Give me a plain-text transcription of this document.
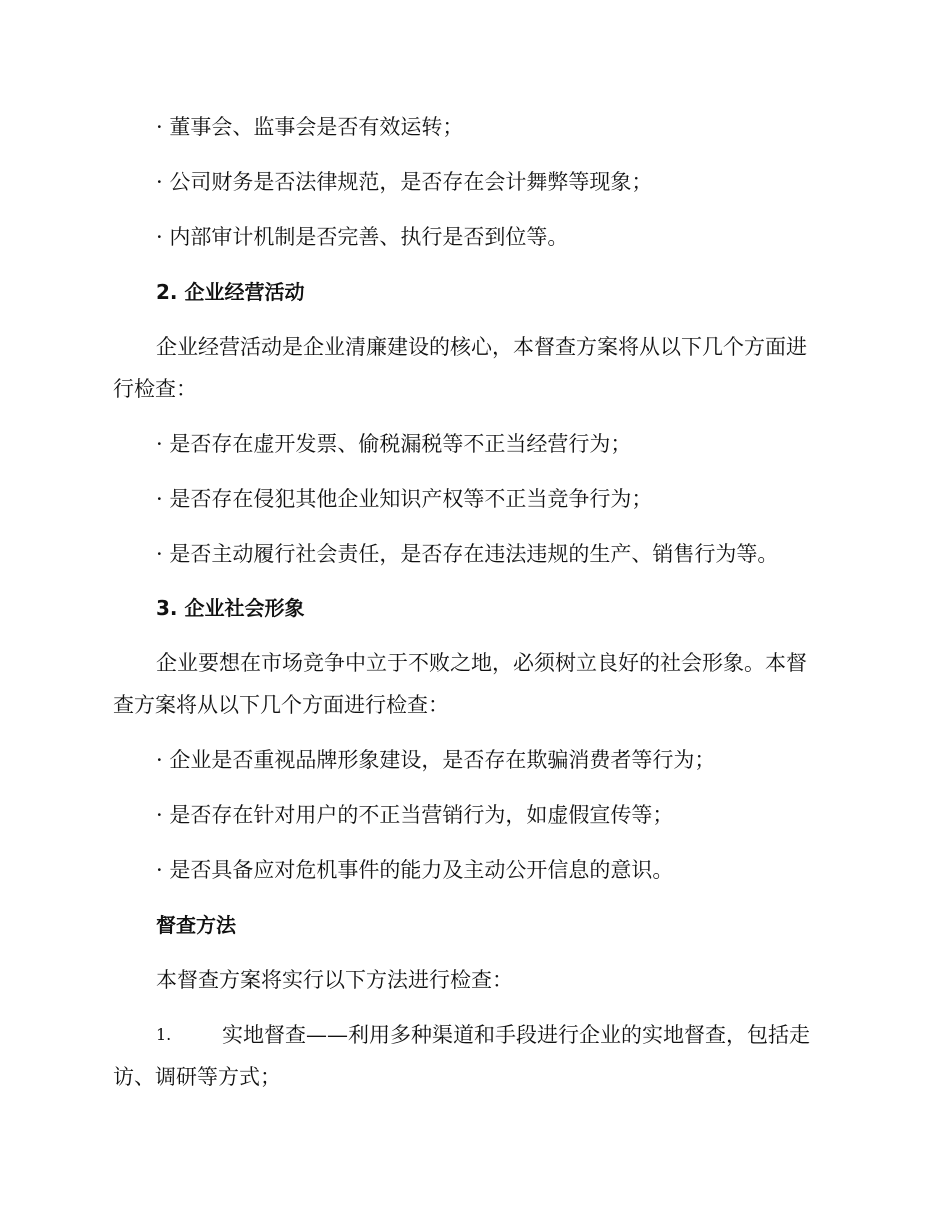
· 董事会、监事会是否有效运转；
· 公司财务是否法律规范，是否存在会计舞弊等现象；
· 内部审计机制是否完善、执行是否到位等。
2. 企业经营活动
企业经营活动是企业清廉建设的核心，本督查方案将从以下几个方面进
行检查：
· 是否存在虚开发票、偷税漏税等不正当经营行为；
· 是否存在侵犯其他企业知识产权等不正当竞争行为；
· 是否主动履行社会责任，是否存在违法违规的生产、销售行为等。
3. 企业社会形象
企业要想在市场竞争中立于不败之地，必须树立良好的社会形象。本督
查方案将从以下几个方面进行检查：
· 企业是否重视品牌形象建设，是否存在欺骗消费者等行为；
· 是否存在针对用户的不正当营销行为，如虚假宣传等；
· 是否具备应对危机事件的能力及主动公开信息的意识。
督查方法
本督查方案将实行以下方法进行检查：
1. 实地督查——利用多种渠道和手段进行企业的实地督查，包括走
访、调研等方式；
